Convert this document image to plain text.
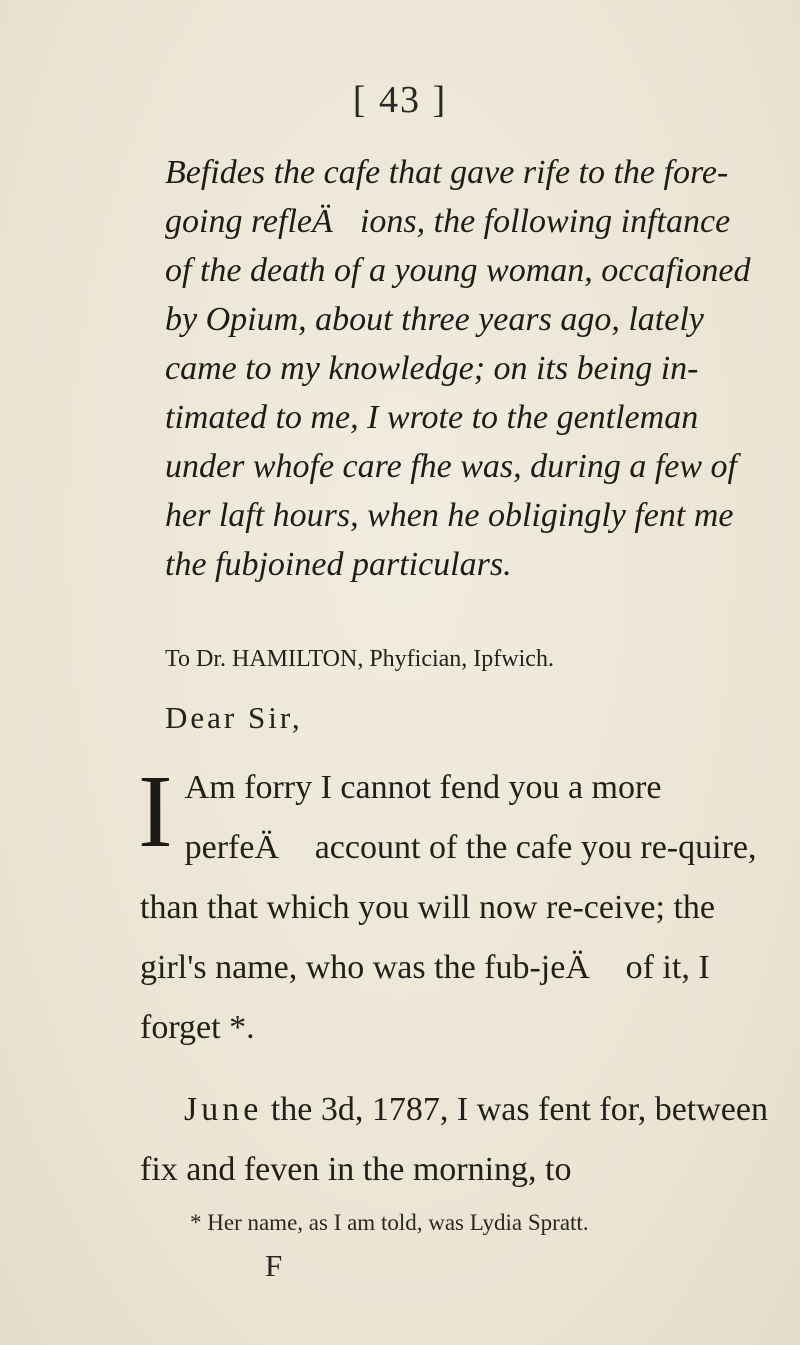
[ 43 ]
Befides the cafe that gave rife to the fore-going refleÄions, the following inftance of the death of a young woman, occafioned by Opium, about three years ago, lately came to my knowledge; on its being in-timated to me, I wrote to the gentleman under whofe care fhe was, during a few of her laft hours, when he obligingly fent me the fubjoined particulars.
To Dr. HAMILTON, Phyfician, Ipfwich.
Dear Sir,
I Am forry I cannot fend you a more perfeÄ account of the cafe you re-quire, than that which you will now re-ceive; the girl's name, who was the fub-jeÄ of it, I forget *.
June the 3d, 1787, I was fent for, between fix and feven in the morning, to
* Her name, as I am told, was Lydia Spratt.
F
